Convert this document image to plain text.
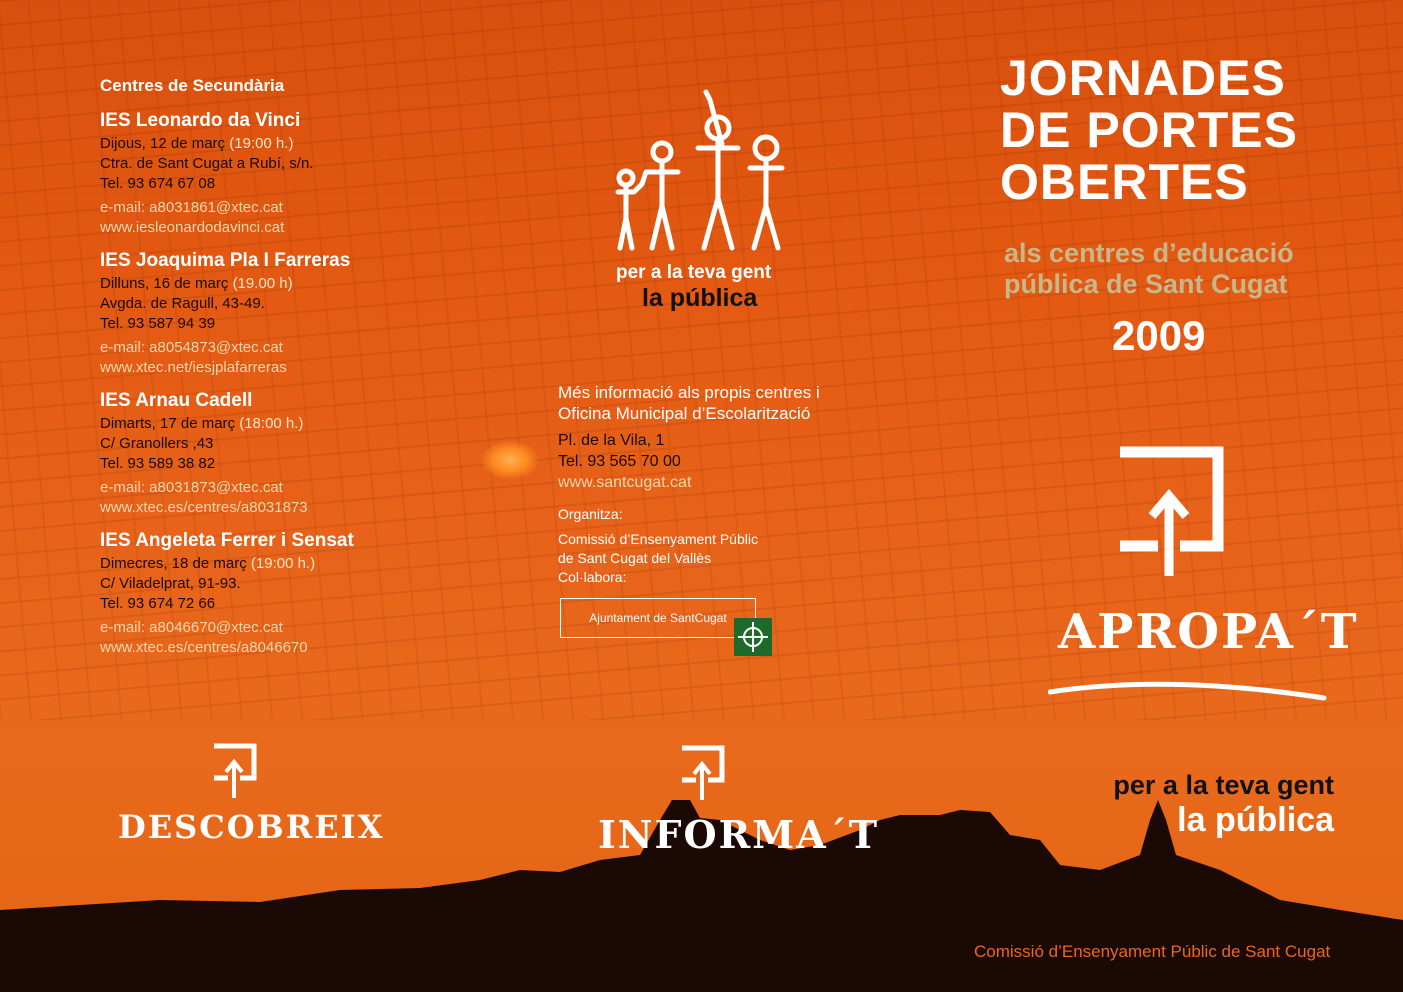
Centres de Secundària
IES Leonardo da Vinci
Dijous, 12 de març (19:00 h.)
Ctra. de Sant Cugat a Rubí, s/n.
Tel. 93 674 67 08
e-mail: a8031861@xtec.cat
www.iesleonardodavinci.cat
IES Joaquima Pla I Farreras
Dilluns, 16 de març (19.00 h)
Avgda. de Ragull, 43-49.
Tel. 93 587 94 39
e-mail: a8054873@xtec.cat
www.xtec.net/iesjplafarreras
IES Arnau Cadell
Dimarts, 17 de març (18:00 h.)
C/ Granollers ,43
Tel. 93 589 38 82
e-mail: a8031873@xtec.cat
www.xtec.es/centres/a8031873
IES Angeleta Ferrer i Sensat
Dimecres, 18 de març (19:00 h.)
C/ Viladelprat, 91-93.
Tel. 93 674 72 66
e-mail: a8046670@xtec.cat
www.xtec.es/centres/a8046670
DESCOBREIX	INFORMA´T
per a la teva gent
la pública
Més informació als propis centres i
Oficina Municipal d’Escolarització
Pl. de la Vila, 1
Tel. 93 565 70 00
www.santcugat.cat
Organitza:
Comissió d’Ensenyament Públic
de Sant Cugat del Vallès
Col·labora:
Ajuntament de SantCugat
JORNADES
DE PORTES
OBERTES
als centres d’educació
pública de Sant Cugat
2009
APROPA´T
per a la teva gent
la pública
Comissió d’Ensenyament Públic de Sant Cugat
